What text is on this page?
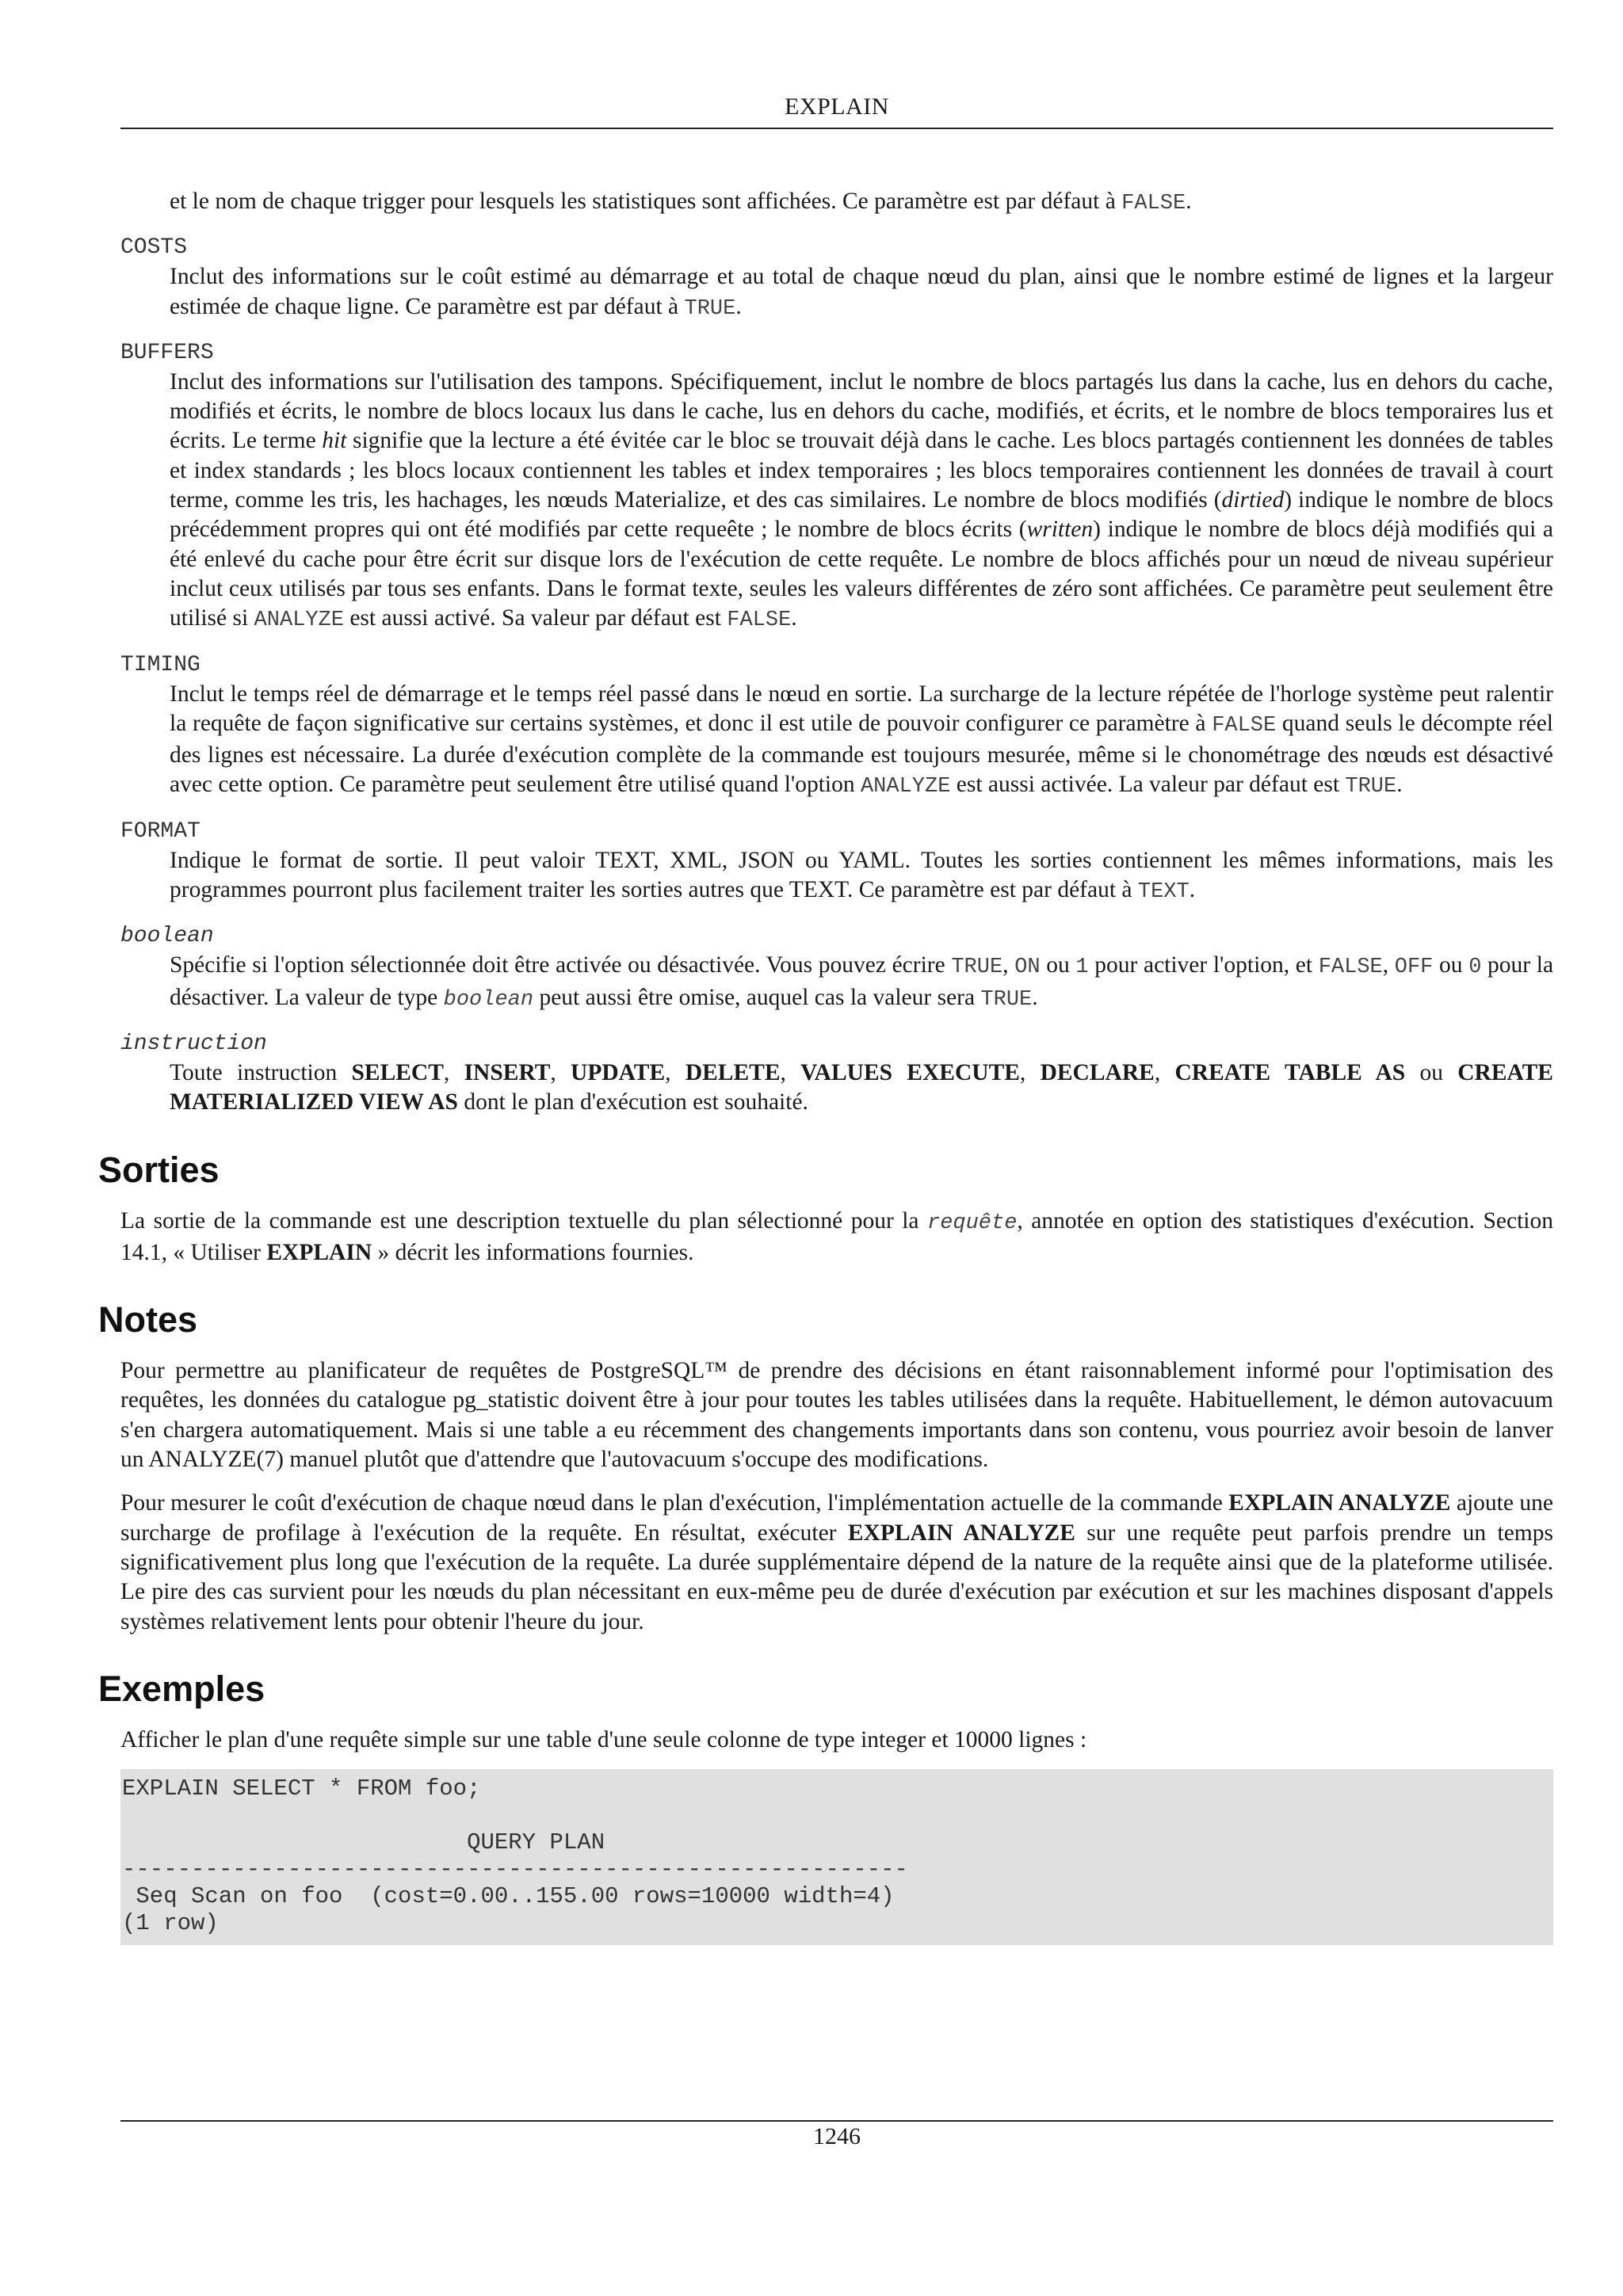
EXPLAIN

et le nom de chaque trigger pour lesquels les statistiques sont affichées. Ce paramètre est par défaut à FALSE.

COSTS

Inclut des informations sur le coût estimé au démarrage et au total de chaque nœud du plan, ainsi que le nombre estimé de lignes et la largeur estimée de chaque ligne. Ce paramètre est par défaut à TRUE.

BUFFERS

Inclut des informations sur l'utilisation des tampons. Spécifiquement, inclut le nombre de blocs partagés lus dans la cache, lus en dehors du cache, modifiés et écrits, le nombre de blocs locaux lus dans le cache, lus en dehors du cache, modifiés, et écrits, et le nombre de blocs temporaires lus et écrits. Le terme hit signifie que la lecture a été évitée car le bloc se trouvait déjà dans le cache. Les blocs partagés contiennent les données de tables et index standards ; les blocs locaux contiennent les tables et index temporaires ; les blocs temporaires contiennent les données de travail à court terme, comme les tris, les hachages, les nœuds Materialize, et des cas similaires. Le nombre de blocs modifiés (dirtied) indique le nombre de blocs précédemment propres qui ont été modifiés par cette requeête ; le nombre de blocs écrits (written) indique le nombre de blocs déjà modifiés qui a été enlevé du cache pour être écrit sur disque lors de l'exécution de cette requête. Le nombre de blocs affichés pour un nœud de niveau supérieur inclut ceux utilisés par tous ses enfants. Dans le format texte, seules les valeurs différentes de zéro sont affichées. Ce paramètre peut seulement être utilisé si ANALYZE est aussi activé. Sa valeur par défaut est FALSE.

TIMING

Inclut le temps réel de démarrage et le temps réel passé dans le nœud en sortie. La surcharge de la lecture répétée de l'horloge système peut ralentir la requête de façon significative sur certains systèmes, et donc il est utile de pouvoir configurer ce paramètre à FALSE quand seuls le décompte réel des lignes est nécessaire. La durée d'exécution complète de la commande est toujours mesurée, même si le chonométrage des nœuds est désactivé avec cette option. Ce paramètre peut seulement être utilisé quand l'option ANALYZE est aussi activée. La valeur par défaut est TRUE.

FORMAT

Indique le format de sortie. Il peut valoir TEXT, XML, JSON ou YAML. Toutes les sorties contiennent les mêmes informations, mais les programmes pourront plus facilement traiter les sorties autres que TEXT. Ce paramètre est par défaut à TEXT.

boolean

Spécifie si l'option sélectionnée doit être activée ou désactivée. Vous pouvez écrire TRUE, ON ou 1 pour activer l'option, et FALSE, OFF ou 0 pour la désactiver. La valeur de type boolean peut aussi être omise, auquel cas la valeur sera TRUE.

instruction

Toute instruction SELECT, INSERT, UPDATE, DELETE, VALUES EXECUTE, DECLARE, CREATE TABLE AS ou CREATE MATERIALIZED VIEW AS dont le plan d'exécution est souhaité.

Sorties

La sortie de la commande est une description textuelle du plan sélectionné pour la requête, annotée en option des statistiques d'exécution. Section 14.1, « Utiliser EXPLAIN » décrit les informations fournies.

Notes

Pour permettre au planificateur de requêtes de PostgreSQL™ de prendre des décisions en étant raisonnablement informé pour l'optimisation des requêtes, les données du catalogue pg_statistic doivent être à jour pour toutes les tables utilisées dans la requête. Habituellement, le démon autovacuum s'en chargera automatiquement. Mais si une table a eu récemment des changements importants dans son contenu, vous pourriez avoir besoin de lanver un ANALYZE(7) manuel plutôt que d'attendre que l'autovacuum s'occupe des modifications.

Pour mesurer le coût d'exécution de chaque nœud dans le plan d'exécution, l'implémentation actuelle de la commande EXPLAIN ANALYZE ajoute une surcharge de profilage à l'exécution de la requête. En résultat, exécuter EXPLAIN ANALYZE sur une requête peut parfois prendre un temps significativement plus long que l'exécution de la requête. La durée supplémentaire dépend de la nature de la requête ainsi que de la plateforme utilisée. Le pire des cas survient pour les nœuds du plan nécessitant en eux-même peu de durée d'exécution par exécution et sur les machines disposant d'appels systèmes relativement lents pour obtenir l'heure du jour.

Exemples

Afficher le plan d'une requête simple sur une table d'une seule colonne de type integer et 10000 lignes :

EXPLAIN SELECT * FROM foo;

QUERY PLAN
---------------------------------------------------------
Seq Scan on foo  (cost=0.00..155.00 rows=10000 width=4)
(1 row)
1246
